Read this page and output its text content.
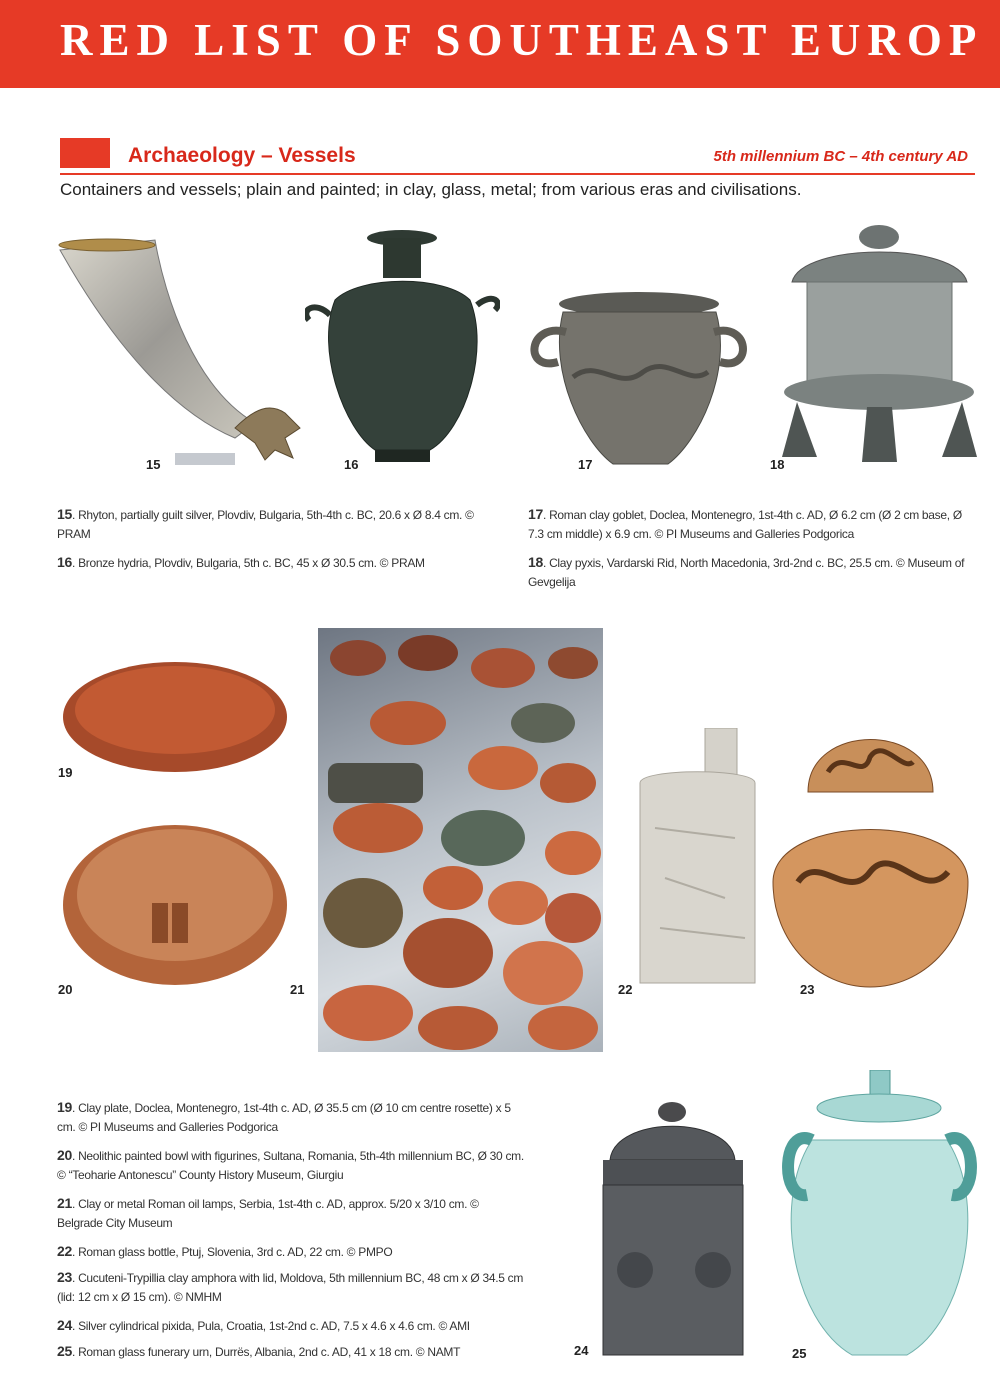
RED LIST OF SOUTHEAST EUROP
Archaeology – Vessels	5th millennium BC – 4th century AD
Containers and vessels; plain and painted; in clay, glass, metal; from various eras and civilisations.
15	16	17	18
15. Rhyton, partially guilt silver, Plovdiv, Bulgaria, 5th-4th c. BC, 20.6 x Ø 8.4 cm. © PRAM
16. Bronze hydria, Plovdiv, Bulgaria, 5th c. BC, 45 x Ø 30.5 cm. © PRAM
17. Roman clay goblet, Doclea, Montenegro, 1st-4th c. AD, Ø 6.2 cm (Ø 2 cm base, Ø 7.3 cm middle) x 6.9 cm. © PI Museums and Galleries Podgorica
18. Clay pyxis, Vardarski Rid, North Macedonia, 3rd-2nd c. BC, 25.5 cm. © Museum of Gevgelija
19
20	21	22	23
19. Clay plate, Doclea, Montenegro, 1st-4th c. AD, Ø 35.5 cm (Ø 10 cm centre rosette) x 5 cm. © PI Museums and Galleries Podgorica
20. Neolithic painted bowl with figurines, Sultana, Romania, 5th-4th millennium BC, Ø 30 cm. © “Teoharie Antonescu” County History Museum, Giurgiu
21. Clay or metal Roman oil lamps, Serbia, 1st-4th c. AD, approx. 5/20 x 3/10 cm. © Belgrade City Museum
22. Roman glass bottle, Ptuj, Slovenia, 3rd c. AD, 22 cm. © PMPO
23. Cucuteni-Trypillia clay amphora with lid, Moldova, 5th millennium BC, 48 cm x Ø 34.5 cm (lid: 12 cm x Ø 15 cm). © NMHM
24. Silver cylindrical pixida, Pula, Croatia, 1st-2nd c. AD, 7.5 x 4.6 x 4.6 cm. © AMI
25. Roman glass funerary urn, Durrës, Albania, 2nd c. AD, 41 x 18 cm. © NAMT	24	25
